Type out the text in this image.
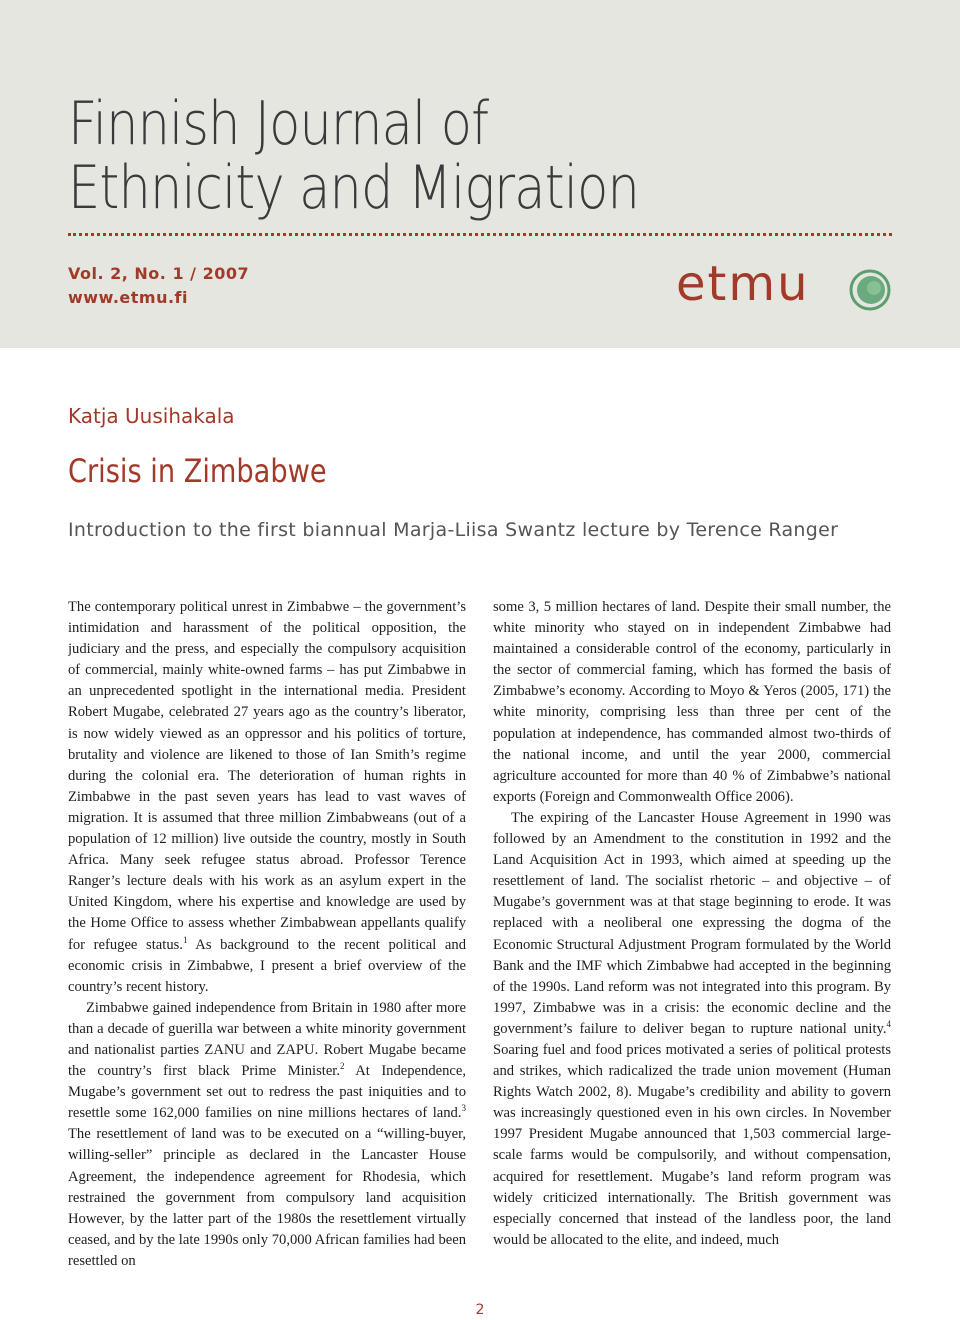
Finnish Journal of
Ethnicity and Migration
Vol. 2, No. 1 / 2007
www.etmu.fi	etmu
Katja Uusihakala
Crisis in Zimbabwe
Introduction to the first biannual Marja-Liisa Swantz lecture by Terence Ranger

The contemporary political unrest in Zimbabwe – the government’s intimidation and harassment of the political opposition, the judiciary and the press, and especially the compulsory acquisition of commercial, mainly white-owned farms – has put Zimbabwe in an unprecedented spotlight in the international media. President Robert Mugabe, celebrated 27 years ago as the country’s liberator, is now widely viewed as an oppressor and his politics of torture, brutality and violence are likened to those of Ian Smith’s regime during the colonial era. The deterioration of human rights in Zimbabwe in the past seven years has lead to vast waves of migration. It is assumed that three million Zimbabweans (out of a population of 12 million) live outside the country, mostly in South Africa. Many seek refugee status abroad. Professor Terence Ranger’s lecture deals with his work as an asylum expert in the United Kingdom, where his expertise and knowledge are used by the Home Office to assess whether Zimbabwean appellants qualify for refugee status.$^1$ As background to the recent political and economic crisis in Zimbabwe, I present a brief overview of the country’s recent history.

Zimbabwe gained independence from Britain in 1980 after more than a decade of guerilla war between a white minority government and nationalist parties ZANU and ZAPU. Robert Mugabe became the country’s first black Prime Minister.$^2$ At Independence, Mugabe’s government set out to redress the past iniquities and to resettle some 162,000 families on nine millions hectares of land.$^3$ The resettlement of land was to be executed on a “willing-buyer, willing-seller” principle as declared in the Lancaster House Agreement, the independence agreement for Rhodesia, which restrained the government from compulsory land acquisition However, by the latter part of the 1980s the resettlement virtually ceased, and by the late 1990s only 70,000 African families had been resettled on

some 3, 5 million hectares of land. Despite their small number, the white minority who stayed on in independent Zimbabwe had maintained a considerable control of the economy, particularly in the sector of commercial faming, which has formed the basis of Zimbabwe’s economy. According to Moyo & Yeros (2005, 171) the white minority, comprising less than three per cent of the population at independence, has commanded almost two-thirds of the national income, and until the year 2000, commercial agriculture accounted for more than 40 % of Zimbabwe’s national exports (Foreign and Commonwealth Office 2006).

The expiring of the Lancaster House Agreement in 1990 was followed by an Amendment to the constitution in 1992 and the Land Acquisition Act in 1993, which aimed at speeding up the resettlement of land. The socialist rhetoric – and objective – of Mugabe’s government was at that stage beginning to erode. It was replaced with a neoliberal one expressing the dogma of the Economic Structural Adjustment Program formulated by the World Bank and the IMF which Zimbabwe had accepted in the beginning of the 1990s. Land reform was not integrated into this program. By 1997, Zimbabwe was in a crisis: the economic decline and the government’s failure to deliver began to rupture national unity.$^4$ Soaring fuel and food prices motivated a series of political protests and strikes, which radicalized the trade union movement (Human Rights Watch 2002, 8). Mugabe’s credibility and ability to govern was increasingly questioned even in his own circles. In November 1997 President Mugabe announced that 1,503 commercial large-scale farms would be compulsorily, and without compensation, acquired for resettlement. Mugabe’s land reform program was widely criticized internationally. The British government was especially concerned that instead of the landless poor, the land would be allocated to the elite, and indeed, much

2
